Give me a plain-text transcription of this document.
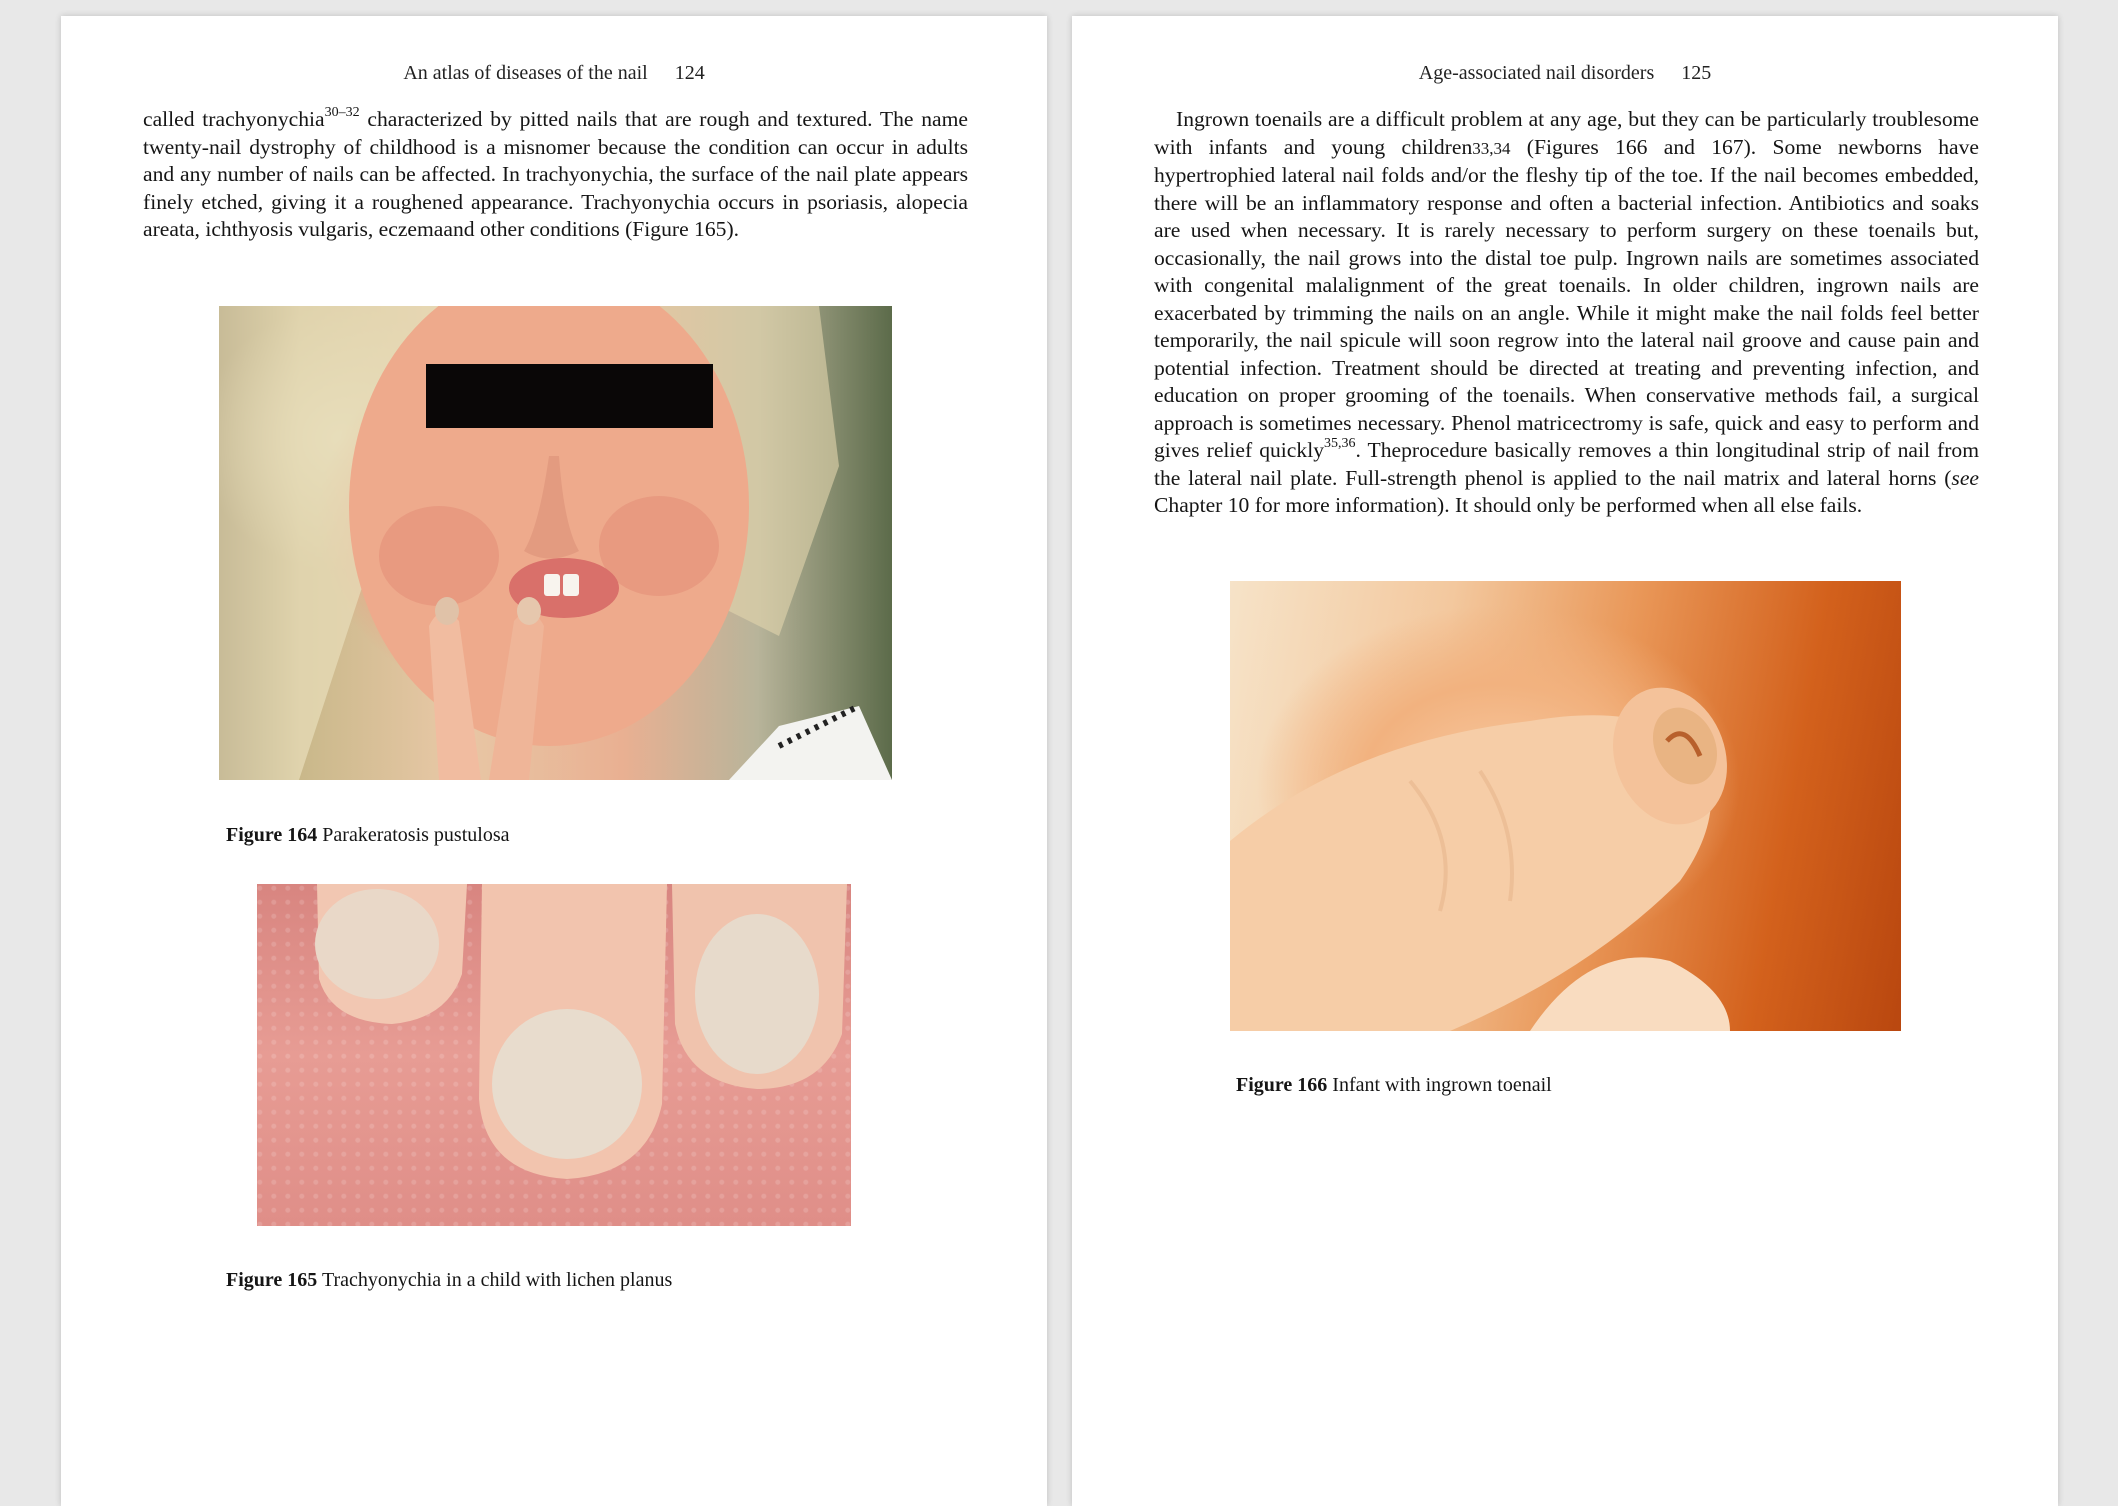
An atlas of diseases of the nail 124
called trachyonychia$^{30-32}$ characterized by pitted nails that are rough and textured. The name twenty-nail dystrophy of childhood is a misnomer because the condition can occur in adults and any number of nails can be affected. In trachyonychia, the surface of the nail plate appears finely etched, giving it a roughened appearance. Trachyonychia occurs in psoriasis, alopecia areata, ichthyosis vulgaris, eczemaand other conditions (Figure 165).
Figure 164 Parakeratosis pustulosa
Figure 165 Trachyonychia in a child with lichen planus
Age-associated nail disorders 125
Ingrown toenails are a difficult problem at any age, but they can be particularly troublesome with infants and young children33,34 (Figures 166 and 167). Some newborns have hypertrophied lateral nail folds and/or the fleshy tip of the toe. If the nail becomes embedded, there will be an inflammatory response and often a bacterial infection. Antibiotics and soaks are used when necessary. It is rarely necessary to perform surgery on these toenails but, occasionally, the nail grows into the distal toe pulp. Ingrown nails are sometimes associated with congenital malalignment of the great toenails. In older children, ingrown nails are exacerbated by trimming the nails on an angle. While it might make the nail folds feel better temporarily, the nail spicule will soon regrow into the lateral nail groove and cause pain and potential infection. Treatment should be directed at treating and preventing infection, and education on proper grooming of the toenails. When conservative methods fail, a surgical approach is sometimes necessary. Phenol matricectromy is safe, quick and easy to perform and gives relief quickly$^{35,36}$. Theprocedure basically removes a thin longitudinal strip of nail from the lateral nail plate. Full-strength phenol is applied to the nail matrix and lateral horns (see Chapter 10 for more information). It should only be performed when all else fails.
Figure 166 Infant with ingrown toenail
